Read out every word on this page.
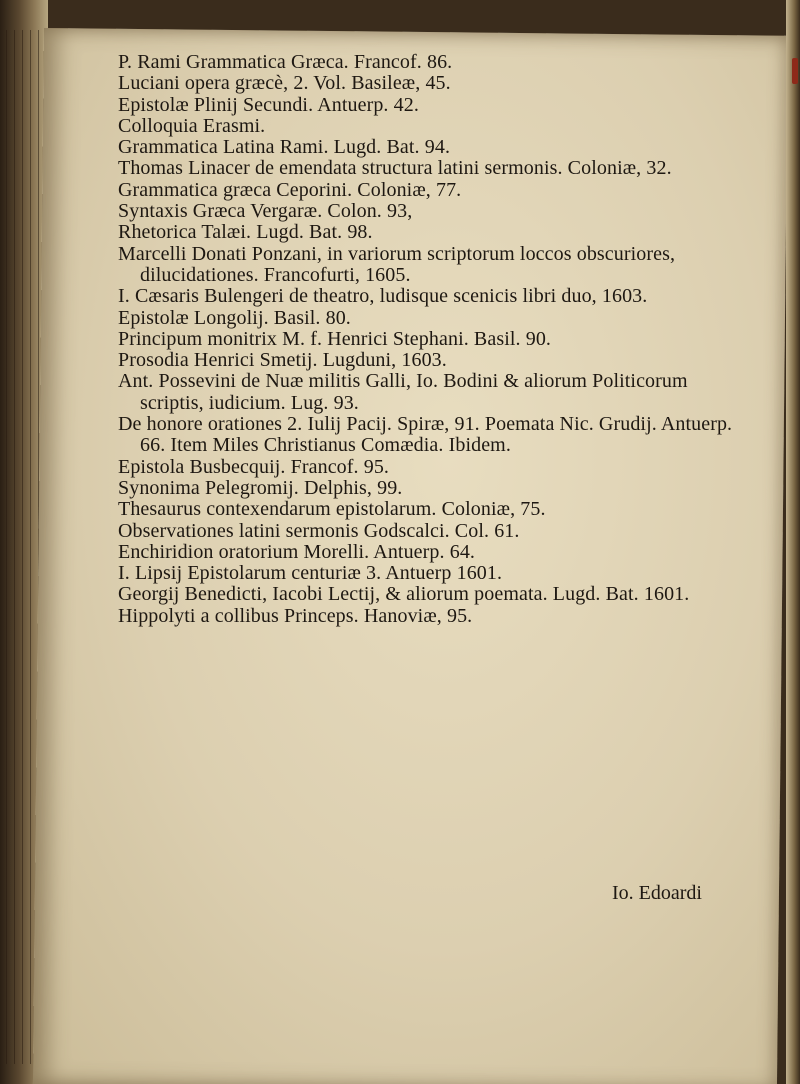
P. Rami Grammatica Græca. Francof. 86.

Luciani opera græcè, 2. Vol. Basileæ, 45.

Epistolæ Plinij Secundi. Antuerp. 42.

Colloquia Erasmi.

Grammatica Latina Rami. Lugd. Bat. 94.

Thomas Linacer de emendata structura latini sermonis. Coloniæ, 32.

Grammatica græca Ceporini. Coloniæ, 77.

Syntaxis Græca Vergaræ. Colon. 93,

Rhetorica Talæi. Lugd. Bat. 98.

Marcelli Donati Ponzani, in variorum scriptorum loccos obscuriores, dilucidationes. Francofurti, 1605.

I. Cæsaris Bulengeri de theatro, ludisque scenicis libri duo, 1603.

Epistolæ Longolij. Basil. 80.

Principum monitrix M. f. Henrici Stephani. Basil. 90.

Prosodia Henrici Smetij. Lugduni, 1603.

Ant. Possevini de Nuæ militis Galli, Io. Bodini & aliorum Politicorum scriptis, iudicium. Lug. 93.

De honore orationes 2. Iulij Pacij. Spiræ, 91. Poemata Nic. Grudij. Antuerp. 66. Item Miles Christianus Comædia. Ibidem.

Epistola Busbecquij. Francof. 95.

Synonima Pelegromij. Delphis, 99.

Thesaurus contexendarum epistolarum. Coloniæ, 75.

Observationes latini sermonis Godscalci. Col. 61.

Enchiridion oratorium Morelli. Antuerp. 64.

I. Lipsij Epistolarum centuriæ 3. Antuerp 1601.

Georgij Benedicti, Iacobi Lectij, & aliorum poemata. Lugd. Bat. 1601.

Hippolyti a collibus Princeps. Hanoviæ, 95.

Io. Edoardi
